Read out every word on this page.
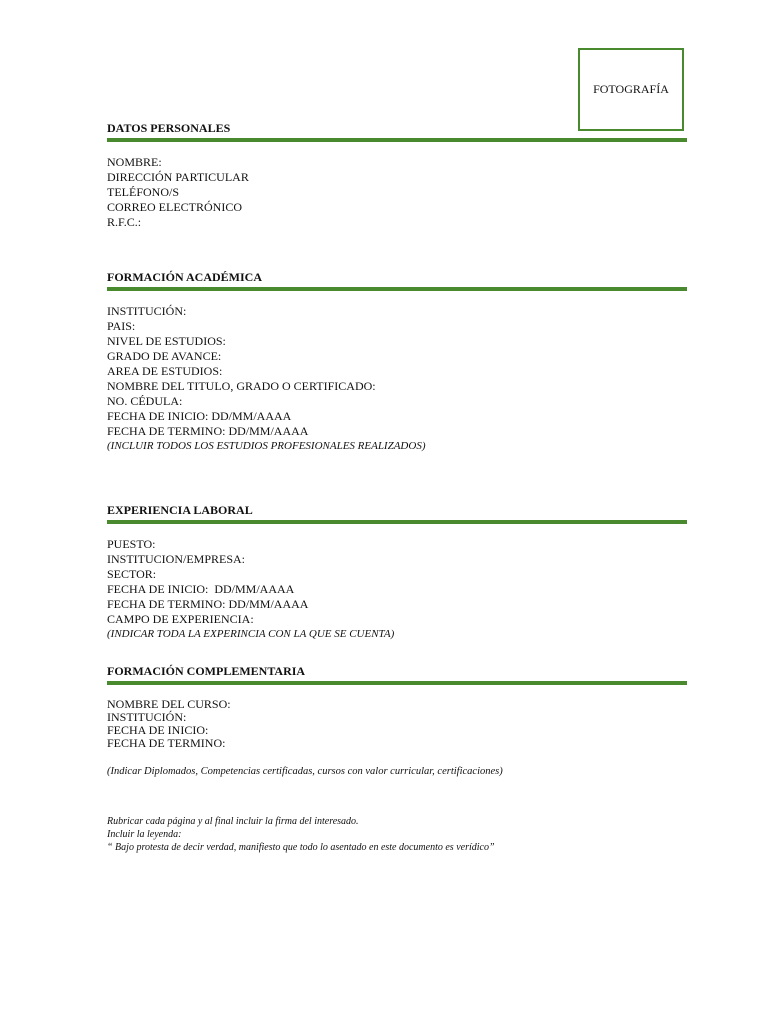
FOTOGRAFÍA
DATOS PERSONALES
NOMBRE:
DIRECCIÓN PARTICULAR
TELÉFONO/S
CORREO ELECTRÓNICO
R.F.C.:
FORMACIÓN ACADÉMICA
INSTITUCIÓN:
PAIS:
NIVEL DE ESTUDIOS:
GRADO DE AVANCE:
AREA DE ESTUDIOS:
NOMBRE DEL TITULO, GRADO O CERTIFICADO:
NO. CÉDULA:
FECHA DE INICIO: DD/MM/AAAA
FECHA DE TERMINO: DD/MM/AAAA
(INCLUIR TODOS LOS ESTUDIOS PROFESIONALES REALIZADOS)
EXPERIENCIA LABORAL
PUESTO:
INSTITUCION/EMPRESA:
SECTOR:
FECHA DE INICIO:  DD/MM/AAAA
FECHA DE TERMINO: DD/MM/AAAA
CAMPO DE EXPERIENCIA:
(INDICAR TODA LA EXPERINCIA CON LA QUE SE CUENTA)
FORMACIÓN COMPLEMENTARIA
NOMBRE DEL CURSO:
INSTITUCIÓN:
FECHA DE INICIO:
FECHA DE TERMINO:
(Indicar Diplomados, Competencias certificadas, cursos con valor curricular, certificaciones)
Rubricar cada página y al final incluir la firma del interesado.
Incluir la leyenda:
“ Bajo protesta de decir verdad, manifiesto que todo lo asentado en este documento es verídico”
